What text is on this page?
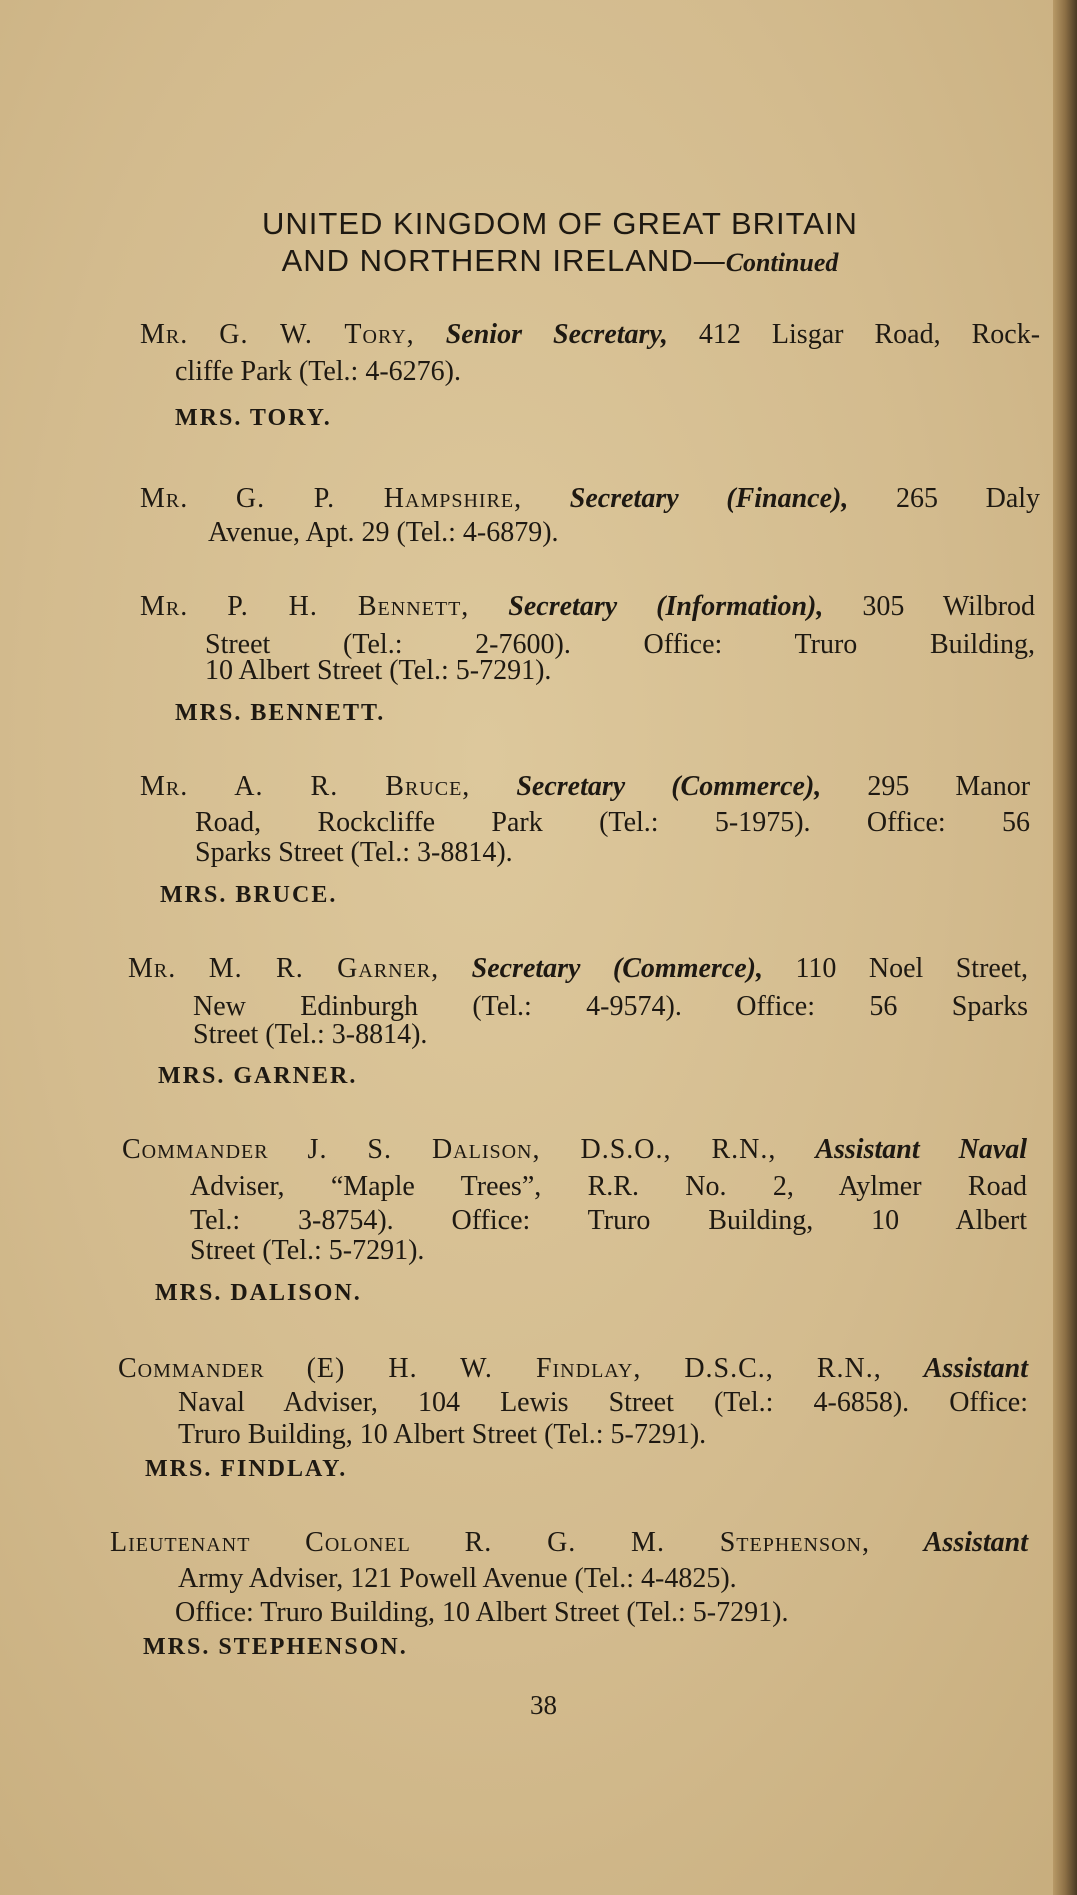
UNITED KINGDOM OF GREAT BRITAIN
AND NORTHERN IRELAND—Continued
Mr. G. W. Tory, Senior Secretary, 412 Lisgar Road, Rock-
cliffe Park (Tel.: 4-6276).
MRS. TORY.
Mr. G. P. Hampshire, Secretary (Finance), 265 Daly
Avenue, Apt. 29 (Tel.: 4-6879).
Mr. P. H. Bennett, Secretary (Information), 305 Wilbrod
Street (Tel.: 2-7600). Office: Truro Building,
10 Albert Street (Tel.: 5-7291).
MRS. BENNETT.
Mr. A. R. Bruce, Secretary (Commerce), 295 Manor
Road, Rockcliffe Park (Tel.: 5-1975). Office: 56
Sparks Street (Tel.: 3-8814).
MRS. BRUCE.
Mr. M. R. Garner, Secretary (Commerce), 110 Noel Street,
New Edinburgh (Tel.: 4-9574). Office: 56 Sparks
Street (Tel.: 3-8814).
MRS. GARNER.
Commander J. S. Dalison, D.S.O., R.N., Assistant Naval
Adviser, “Maple Trees”, R.R. No. 2, Aylmer Road
Tel.: 3-8754). Office: Truro Building, 10 Albert
Street (Tel.: 5-7291).
MRS. DALISON.
Commander (E) H. W. Findlay, D.S.C., R.N., Assistant
Naval Adviser, 104 Lewis Street (Tel.: 4-6858). Office:
Truro Building, 10 Albert Street (Tel.: 5-7291).
MRS. FINDLAY.
Lieutenant Colonel R. G. M. Stephenson, Assistant
Army Adviser, 121 Powell Avenue (Tel.: 4-4825).
Office: Truro Building, 10 Albert Street (Tel.: 5-7291).
MRS. STEPHENSON.
38
